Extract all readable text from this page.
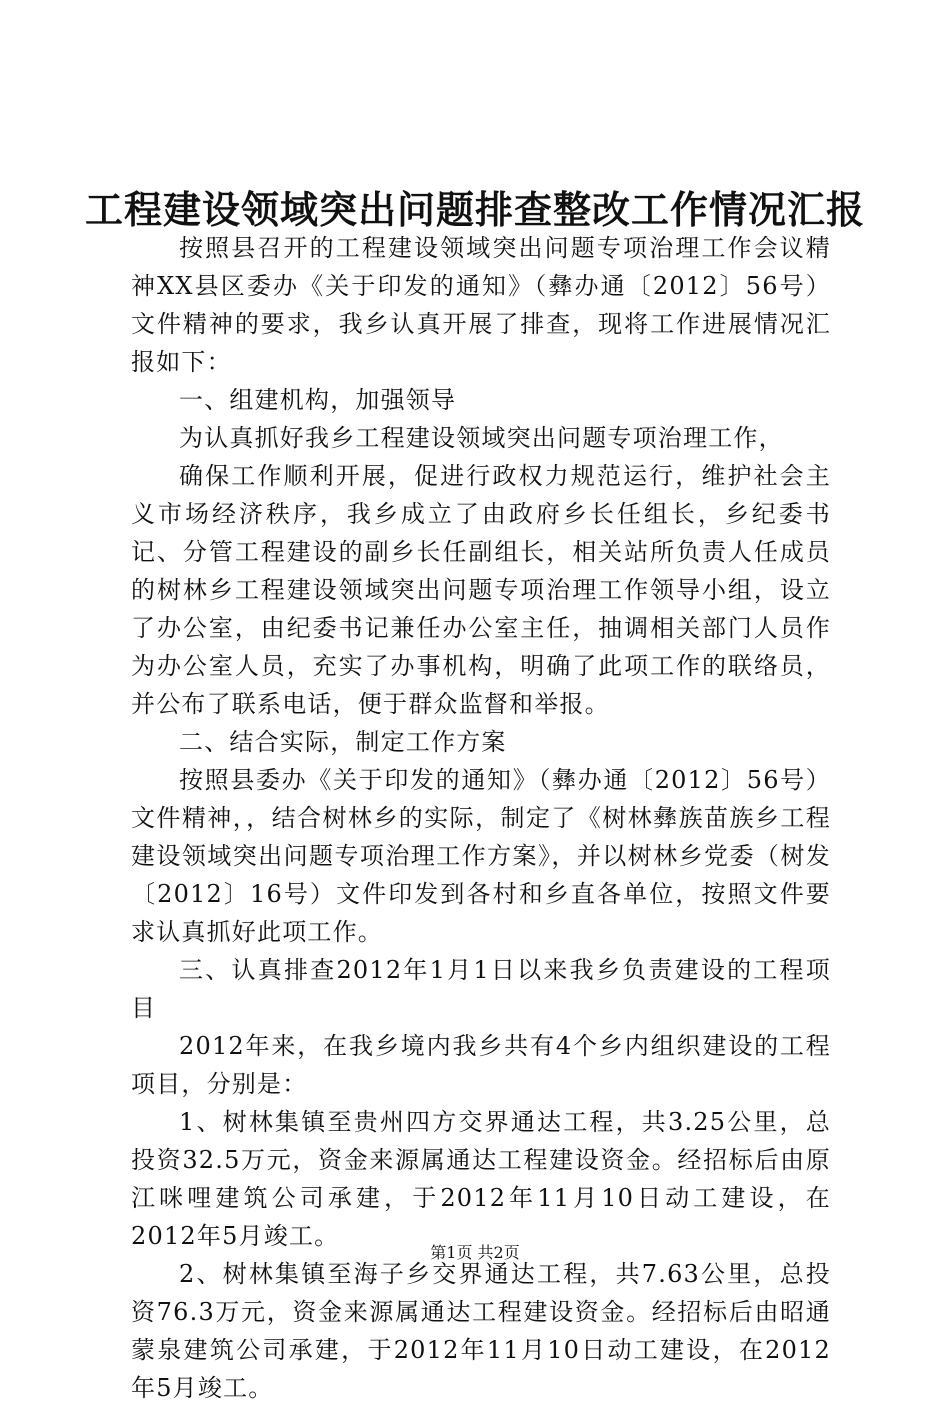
工程建设领域突出问题排查整改工作情况汇报

按照县召开的工程建设领域突出问题专项治理工作会议精神XX县区委办《关于印发的通知》（彝办通〔2012〕56号）文件精神的要求，我乡认真开展了排查，现将工作进展情况汇报如下：

一、组建机构，加强领导

为认真抓好我乡工程建设领域突出问题专项治理工作，

确保工作顺利开展，促进行政权力规范运行，维护社会主义市场经济秩序，我乡成立了由政府乡长任组长，乡纪委书记、分管工程建设的副乡长任副组长，相关站所负责人任成员的树林乡工程建设领域突出问题专项治理工作领导小组，设立了办公室，由纪委书记兼任办公室主任，抽调相关部门人员作为办公室人员，充实了办事机构，明确了此项工作的联络员，并公布了联系电话，便于群众监督和举报。

二、结合实际，制定工作方案

按照县委办《关于印发的通知》（彝办通〔2012〕56号）文件精神，，结合树林乡的实际，制定了《树林彝族苗族乡工程建设领域突出问题专项治理工作方案》，并以树林乡党委（树发〔2012〕16号）文件印发到各村和乡直各单位，按照文件要求认真抓好此项工作。

三、认真排查2012年1月1日以来我乡负责建设的工程项目

2012年来，在我乡境内我乡共有4个乡内组织建设的工程项目，分别是：

1、树林集镇至贵州四方交界通达工程，共3.25公里，总投资32.5万元，资金来源属通达工程建设资金。经招标后由原江咪哩建筑公司承建，于2012年11月10日动工建设，在2012年5月竣工。

2、树林集镇至海子乡交界通达工程，共7.63公里，总投资76.3万元，资金来源属通达工程建设资金。经招标后由昭通蒙泉建筑公司承建，于2012年11月10日动工建设，在2012年5月竣工。

第1页 共2页
